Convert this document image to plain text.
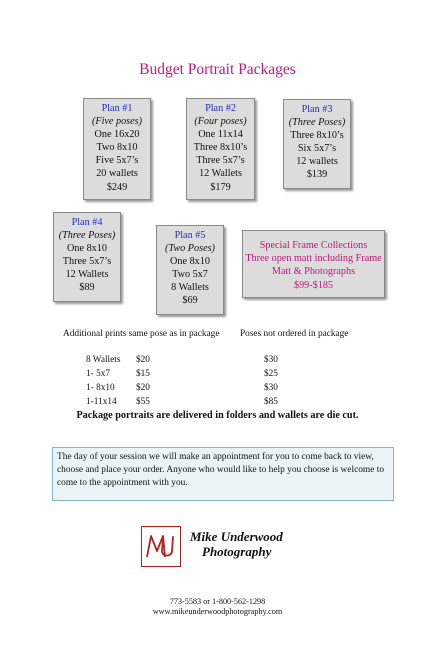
Budget Portrait Packages
Plan #1
(Five poses)
One 16x20
Two 8x10
Five 5x7’s
20 wallets
$249
Plan #2
(Four poses)
One 11x14
Three 8x10’s
Three 5x7’s
12 Wallets
$179
Plan #3
(Three Poses)
Three 8x10’s
Six 5x7’s
12 wallets
$139
Plan #4
(Three Poses)
One 8x10
Three 5x7’s
12 Wallets
$89
Plan #5
(Two Poses)
One 8x10
Two 5x7
8 Wallets
$69
Special Frame Collections
Three open matt including Frame
Matt & Photographs
$99-$185
Additional prints same pose as in package Poses not ordered in package
8 Wallets $20	$30
1- 5x7	$15	$25
1- 8x10 $20	$30
1-11x14 $55	$85
Package portraits are delivered in folders and wallets are die cut.
The day of your session we will make an appointment for you to come back to view, choose and place your order. Anyone who would like to help you choose is welcome to come to the appointment with you.
Mike Underwood
Photography
773-5583 or 1-800-562-1298
www.mikeunderwoodphotography.com
